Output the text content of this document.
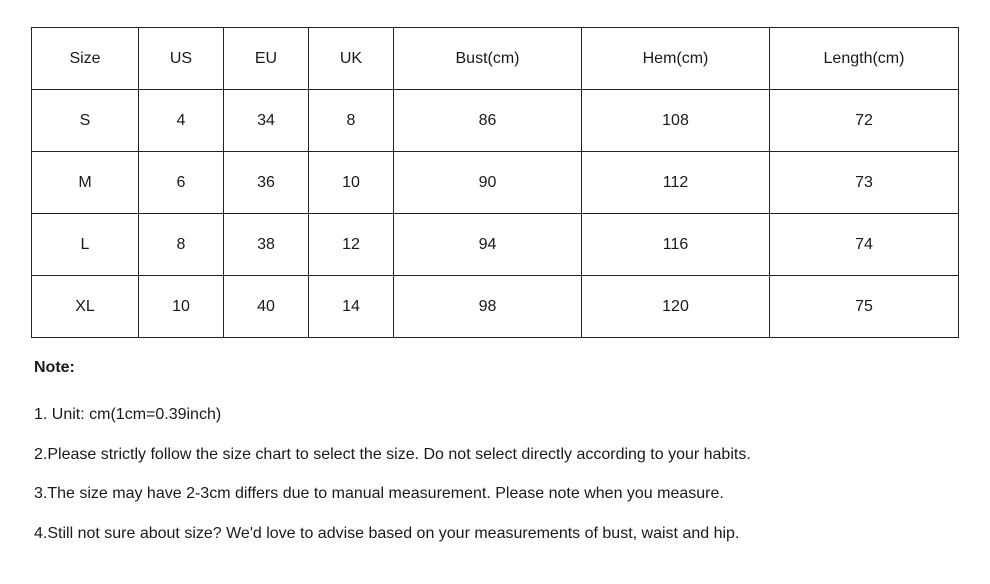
Size	US	EU	UK	Bust(cm)	Hem(cm)	Length(cm)
S	4	34	8	86	108	72
M	6	36	10	90	112	73
L	8	38	12	94	116	74
XL	10	40	14	98	120	75
Note:
1. Unit: cm(1cm=0.39inch)
2.Please strictly follow the size chart to select the size. Do not select directly according to your habits.
3.The size may have 2-3cm differs due to manual measurement. Please note when you measure.
4.Still not sure about size? We'd love to advise based on your measurements of bust, waist and hip.
